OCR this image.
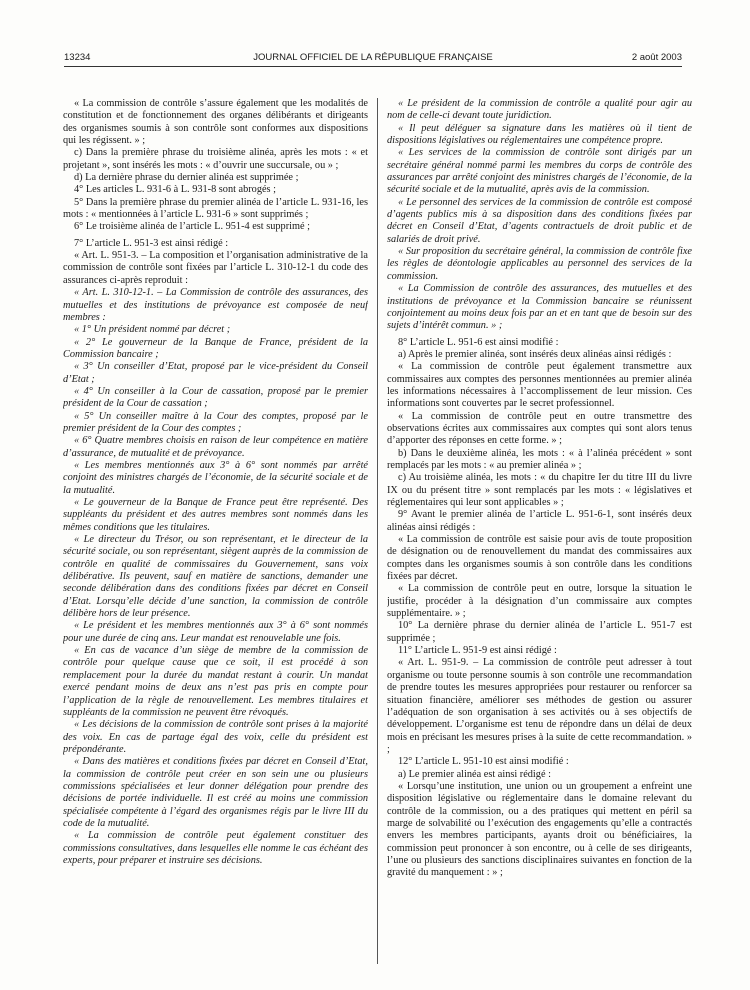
13234	JOURNAL OFFICIEL DE LA RÉPUBLIQUE FRANÇAISE	2 août 2003

« La commission de contrôle s’assure également que les modalités de constitution et de fonctionnement des organes délibérants et dirigeants des organismes soumis à son contrôle sont conformes aux dispositions qui les régissent. » ;

c) Dans la première phrase du troisième alinéa, après les mots : « et projetant », sont insérés les mots : « d’ouvrir une succursale, ou » ;

d) La dernière phrase du dernier alinéa est supprimée ;

4° Les articles L. 931-6 à L. 931-8 sont abrogés ;

5° Dans la première phrase du premier alinéa de l’article L. 931-16, les mots : « mentionnées à l’article L. 931-6 » sont supprimés ;

6° Le troisième alinéa de l’article L. 951-4 est supprimé ;

7° L’article L. 951-3 est ainsi rédigé :

« Art. L. 951-3. – La composition et l’organisation administrative de la commission de contrôle sont fixées par l’article L. 310-12-1 du code des assurances ci-après reproduit :

« Art. L. 310-12-1. – La Commission de contrôle des assurances, des mutuelles et des institutions de prévoyance est composée de neuf membres :

« 1° Un président nommé par décret ;

« 2° Le gouverneur de la Banque de France, président de la Commission bancaire ;

« 3° Un conseiller d’Etat, proposé par le vice-président du Conseil d’Etat ;

« 4° Un conseiller à la Cour de cassation, proposé par le premier président de la Cour de cassation ;

« 5° Un conseiller maître à la Cour des comptes, proposé par le premier président de la Cour des comptes ;

« 6° Quatre membres choisis en raison de leur compétence en matière d’assurance, de mutualité et de prévoyance.

« Les membres mentionnés aux 3° à 6° sont nommés par arrêté conjoint des ministres chargés de l’économie, de la sécurité sociale et de la mutualité.

« Le gouverneur de la Banque de France peut être représenté. Des suppléants du président et des autres membres sont nommés dans les mêmes conditions que les titulaires.

« Le directeur du Trésor, ou son représentant, et le directeur de la sécurité sociale, ou son représentant, siègent auprès de la commission de contrôle en qualité de commissaires du Gouvernement, sans voix délibérative. Ils peuvent, sauf en matière de sanctions, demander une seconde délibération dans des conditions fixées par décret en Conseil d’Etat. Lorsqu’elle décide d’une sanction, la commission de contrôle délibère hors de leur présence.

« Le président et les membres mentionnés aux 3° à 6° sont nommés pour une durée de cinq ans. Leur mandat est renouvelable une fois.

« En cas de vacance d’un siège de membre de la commission de contrôle pour quelque cause que ce soit, il est procédé à son remplacement pour la durée du mandat restant à courir. Un mandat exercé pendant moins de deux ans n’est pas pris en compte pour l’application de la règle de renouvellement. Les membres titulaires et suppléants de la commission ne peuvent être révoqués.

« Les décisions de la commission de contrôle sont prises à la majorité des voix. En cas de partage égal des voix, celle du président est prépondérante.

« Dans des matières et conditions fixées par décret en Conseil d’Etat, la commission de contrôle peut créer en son sein une ou plusieurs commissions spécialisées et leur donner délégation pour prendre des décisions de portée individuelle. Il est créé au moins une commission spécialisée compétente à l’égard des organismes régis par le livre III du code de la mutualité.

« La commission de contrôle peut également constituer des commissions consultatives, dans lesquelles elle nomme le cas échéant des experts, pour préparer et instruire ses décisions.

« Le président de la commission de contrôle a qualité pour agir au nom de celle-ci devant toute juridiction.

« Il peut déléguer sa signature dans les matières où il tient de dispositions législatives ou réglementaires une compétence propre.

« Les services de la commission de contrôle sont dirigés par un secrétaire général nommé parmi les membres du corps de contrôle des assurances par arrêté conjoint des ministres chargés de l’économie, de la sécurité sociale et de la mutualité, après avis de la commission.

« Le personnel des services de la commission de contrôle est composé d’agents publics mis à sa disposition dans des conditions fixées par décret en Conseil d’Etat, d’agents contractuels de droit public et de salariés de droit privé.

« Sur proposition du secrétaire général, la commission de contrôle fixe les règles de déontologie applicables au personnel des services de la commission.

« La Commission de contrôle des assurances, des mutuelles et des institutions de prévoyance et la Commission bancaire se réunissent conjointement au moins deux fois par an et en tant que de besoin sur des sujets d’intérêt commun. » ;

8° L’article L. 951-6 est ainsi modifié :

a) Après le premier alinéa, sont insérés deux alinéas ainsi rédigés :

« La commission de contrôle peut également transmettre aux commissaires aux comptes des personnes mentionnées au premier alinéa les informations nécessaires à l’accomplissement de leur mission. Ces informations sont couvertes par le secret professionnel.

« La commission de contrôle peut en outre transmettre des observations écrites aux commissaires aux comptes qui sont alors tenus d’apporter des réponses en cette forme. » ;

b) Dans le deuxième alinéa, les mots : « à l’alinéa précédent » sont remplacés par les mots : « au premier alinéa » ;

c) Au troisième alinéa, les mots : « du chapitre Ier du titre III du livre IX ou du présent titre » sont remplacés par les mots : « législatives et réglementaires qui leur sont applicables » ;

9° Avant le premier alinéa de l’article L. 951-6-1, sont insérés deux alinéas ainsi rédigés :

« La commission de contrôle est saisie pour avis de toute proposition de désignation ou de renouvellement du mandat des commissaires aux comptes dans les organismes soumis à son contrôle dans les conditions fixées par décret.

« La commission de contrôle peut en outre, lorsque la situation le justifie, procéder à la désignation d’un commissaire aux comptes supplémentaire. » ;

10° La dernière phrase du dernier alinéa de l’article L. 951-7 est supprimée ;

11° L’article L. 951-9 est ainsi rédigé :

« Art. L. 951-9. – La commission de contrôle peut adresser à tout organisme ou toute personne soumis à son contrôle une recommandation de prendre toutes les mesures appropriées pour restaurer ou renforcer sa situation financière, améliorer ses méthodes de gestion ou assurer l’adéquation de son organisation à ses activités ou à ses objectifs de développement. L’organisme est tenu de répondre dans un délai de deux mois en précisant les mesures prises à la suite de cette recommandation. » ;

12° L’article L. 951-10 est ainsi modifié :

a) Le premier alinéa est ainsi rédigé :

« Lorsqu’une institution, une union ou un groupement a enfreint une disposition législative ou réglementaire dans le domaine relevant du contrôle de la commission, ou a des pratiques qui mettent en péril sa marge de solvabilité ou l’exécution des engagements qu’elle a contractés envers les membres participants, ayants droit ou bénéficiaires, la commission peut prononcer à son encontre, ou à celle de ses dirigeants, l’une ou plusieurs des sanctions disciplinaires suivantes en fonction de la gravité du manquement : » ;
